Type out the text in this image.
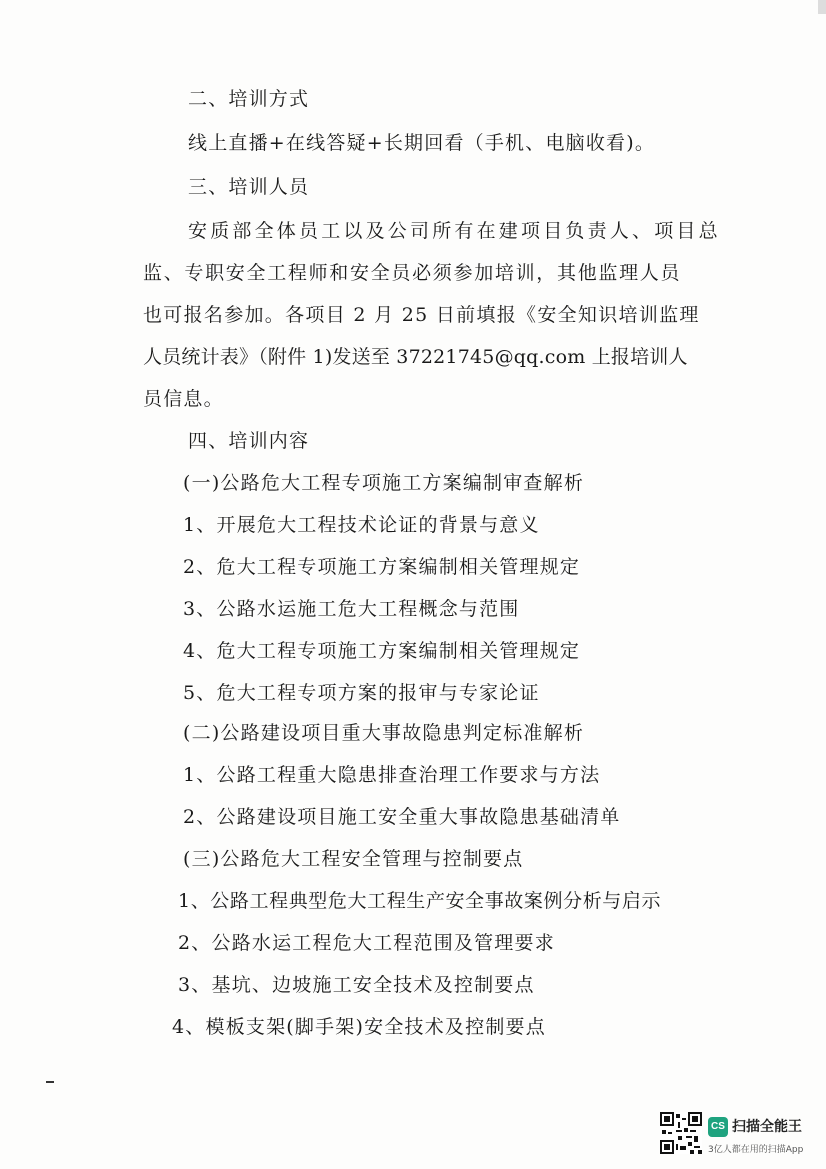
二、培训方式
线上直播+在线答疑+长期回看（手机、电脑收看)。
三、培训人员
安质部全体员工以及公司所有在建项目负责人、项目总
监、专职安全工程师和安全员必须参加培训，其他监理人员
也可报名参加。各项目 2 月 25 日前填报《安全知识培训监理
人员统计表》（附件 1)发送至 37221745@qq.com 上报培训人
员信息。
四、培训内容
(一)公路危大工程专项施工方案编制审查解析
1、开展危大工程技术论证的背景与意义
2、危大工程专项施工方案编制相关管理规定
3、公路水运施工危大工程概念与范围
4、危大工程专项施工方案编制相关管理规定
5、危大工程专项方案的报审与专家论证
(二)公路建设项目重大事故隐患判定标准解析
1、公路工程重大隐患排查治理工作要求与方法
2、公路建设项目施工安全重大事故隐患基础清单
(三)公路危大工程安全管理与控制要点
1、公路工程典型危大工程生产安全事故案例分析与启示
2、公路水运工程危大工程范围及管理要求
3、基坑、边坡施工安全技术及控制要点
4、模板支架(脚手架)安全技术及控制要点
CS 扫描全能王
3亿人都在用的扫描App
